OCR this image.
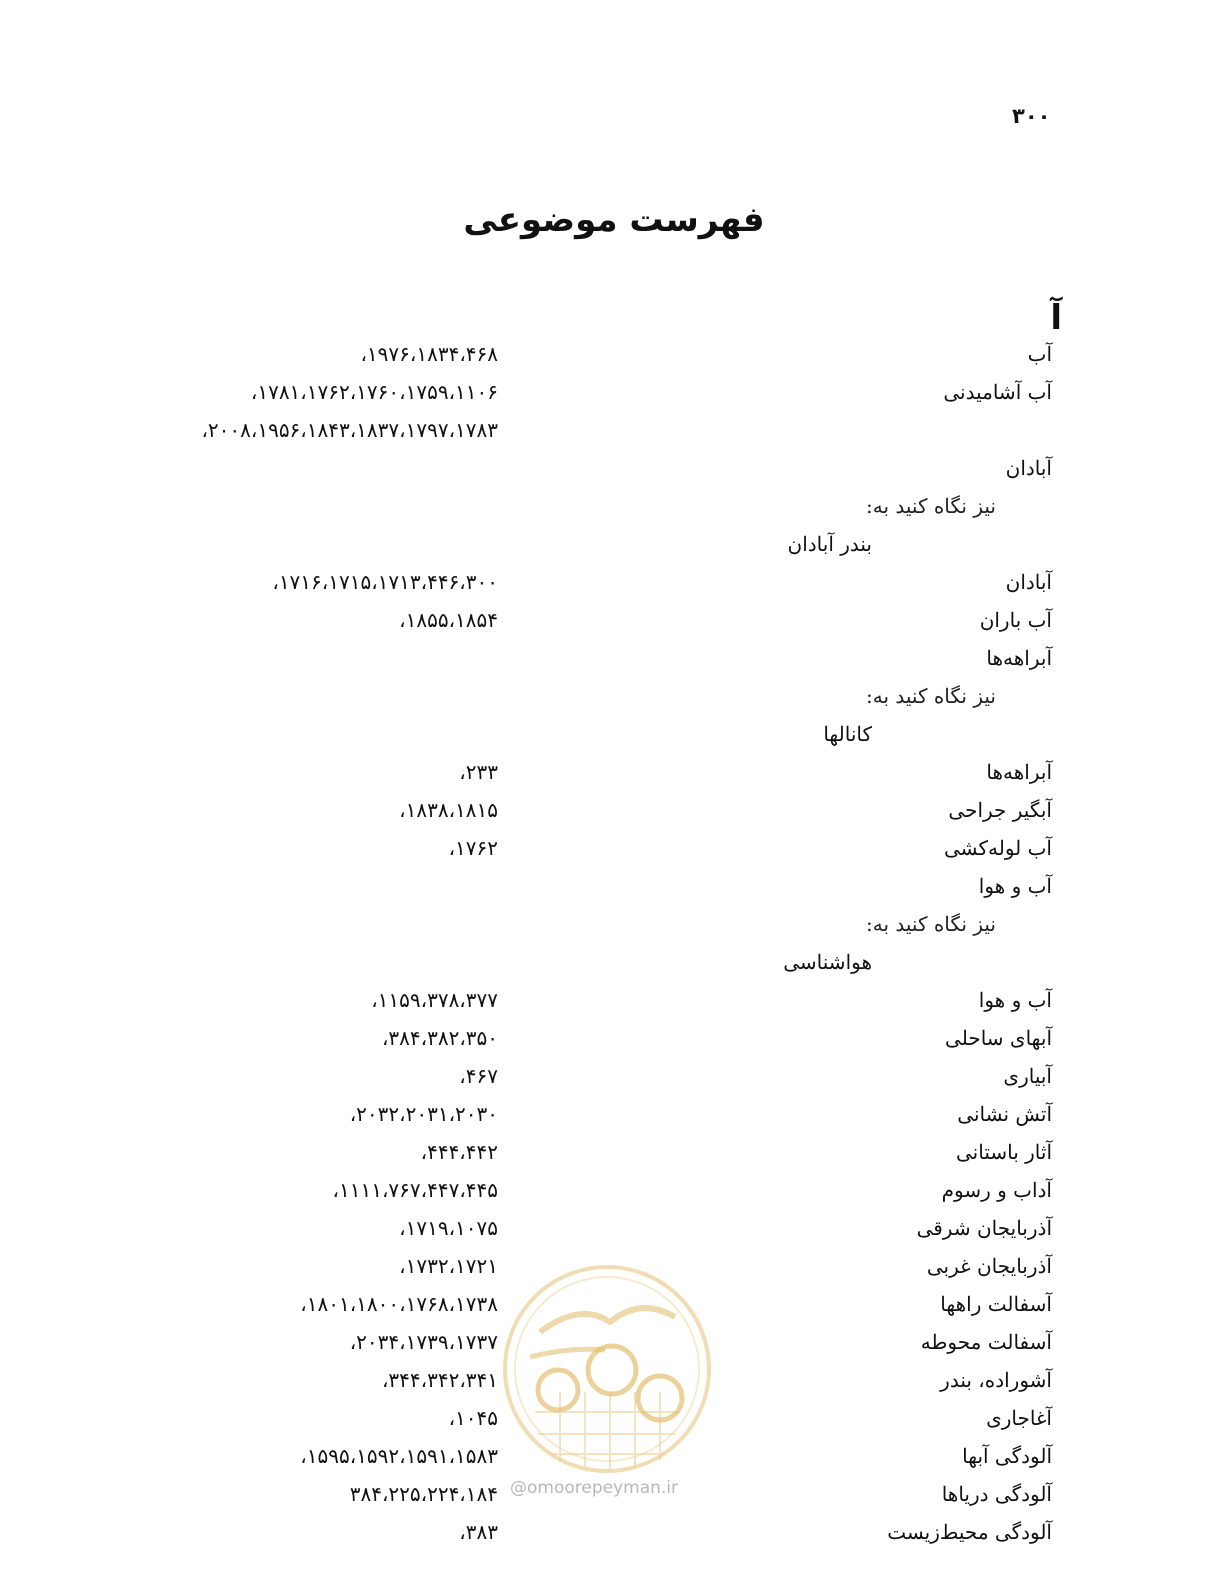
۳۰۰
فهرست موضوعی
آ
آب
۱۹۷۶،۱۸۳۴،۴۶۸،
آب آشامیدنی
۱۷۸۱،۱۷۶۲،۱۷۶۰،۱۷۵۹،۱۱۰۶،
۲۰۰۸،۱۹۵۶،۱۸۴۳،۱۸۳۷،۱۷۹۷،۱۷۸۳،
آبادان
نیز نگاه کنید به:
بندر آبادان
آبادان
۱۷۱۶،۱۷۱۵،۱۷۱۳،۴۴۶،۳۰۰،
آب باران
۱۸۵۵،۱۸۵۴،
آبراهه‌ها
نیز نگاه کنید به:
کانالها
آبراهه‌ها
۲۳۳،
آبگیر جراحی
۱۸۳۸،۱۸۱۵،
آب لوله‌کشی
۱۷۶۲،
آب و هوا
نیز نگاه کنید به:
هواشناسی
آب و هوا
۱۱۵۹،۳۷۸،۳۷۷،
آبهای ساحلی
۳۸۴،۳۸۲،۳۵۰،
آبیاری
۴۶۷،
آتش نشانی
۲۰۳۲،۲۰۳۱،۲۰۳۰،
آثار باستانی
۴۴۴،۴۴۲،
آداب و رسوم
۱۱۱۱،۷۶۷،۴۴۷،۴۴۵،
آذربایجان شرقی
۱۷۱۹،۱۰۷۵،
آذربایجان غربی
۱۷۳۲،۱۷۲۱،
آسفالت راهها
۱۸۰۱،۱۸۰۰،۱۷۶۸،۱۷۳۸،
آسفالت محوطه
۲۰۳۴،۱۷۳۹،۱۷۳۷،
آشوراده، بندر
۳۴۴،۳۴۲،۳۴۱،
آغاجاری
۱۰۴۵،
آلودگی آبها
۱۵۹۵،۱۵۹۲،۱۵۹۱،۱۵۸۳،
آلودگی دریاها
۳۸۴،۲۲۵،۲۲۴،۱۸۴
آلودگی محیط‌زیست
۳۸۳،
@omoorepeyman.ir
